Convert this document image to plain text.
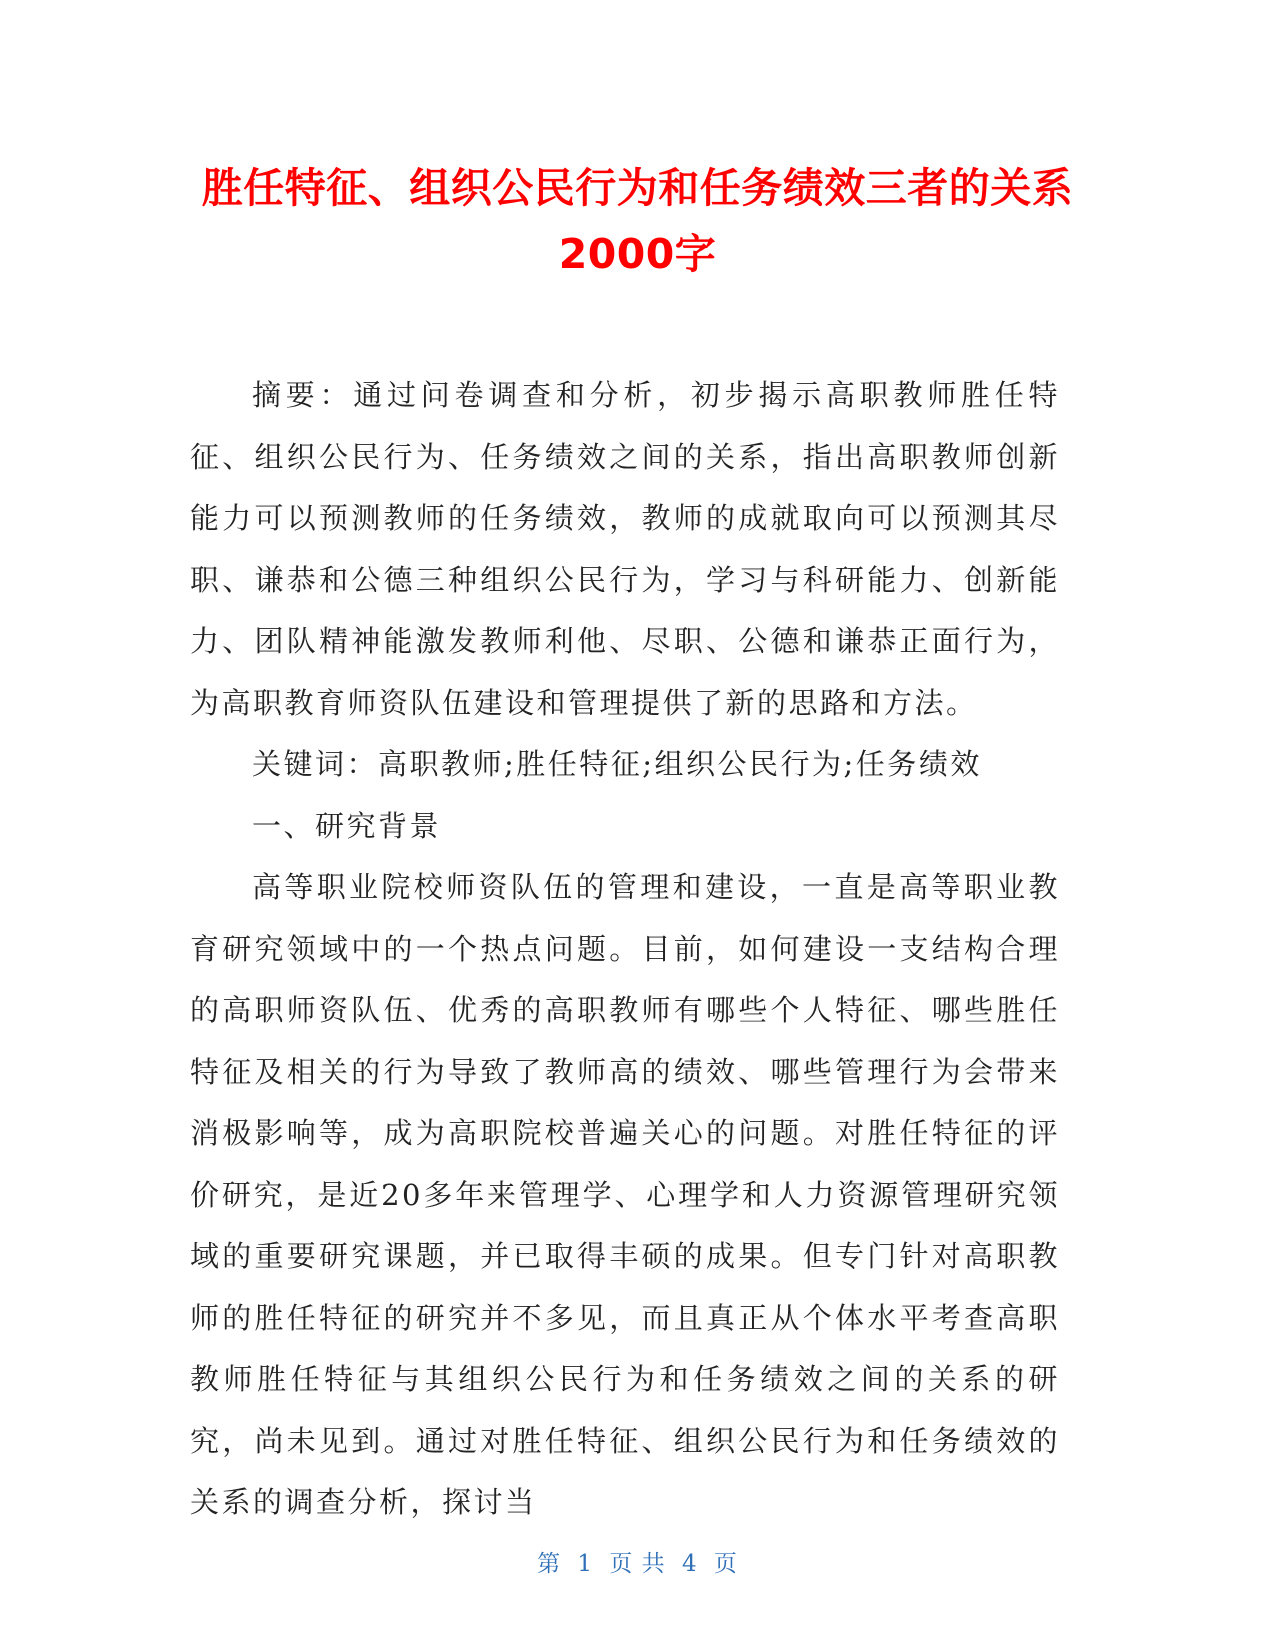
胜任特征、组织公民行为和任务绩效三者的关系2000字

摘要：通过问卷调查和分析，初步揭示高职教师胜任特征、组织公民行为、任务绩效之间的关系，指出高职教师创新能力可以预测教师的任务绩效，教师的成就取向可以预测其尽职、谦恭和公德三种组织公民行为，学习与科研能力、创新能力、团队精神能激发教师利他、尽职、公德和谦恭正面行为，为高职教育师资队伍建设和管理提供了新的思路和方法。

关键词：高职教师;胜任特征;组织公民行为;任务绩效

一、研究背景

高等职业院校师资队伍的管理和建设，一直是高等职业教育研究领域中的一个热点问题。目前，如何建设一支结构合理的高职师资队伍、优秀的高职教师有哪些个人特征、哪些胜任特征及相关的行为导致了教师高的绩效、哪些管理行为会带来消极影响等，成为高职院校普遍关心的问题。对胜任特征的评价研究，是近20多年来管理学、心理学和人力资源管理研究领域的重要研究课题，并已取得丰硕的成果。但专门针对高职教师的胜任特征的研究并不多见，而且真正从个体水平考查高职教师胜任特征与其组织公民行为和任务绩效之间的关系的研究，尚未见到。通过对胜任特征、组织公民行为和任务绩效的关系的调查分析，探讨当

第 1 页 共 4 页
